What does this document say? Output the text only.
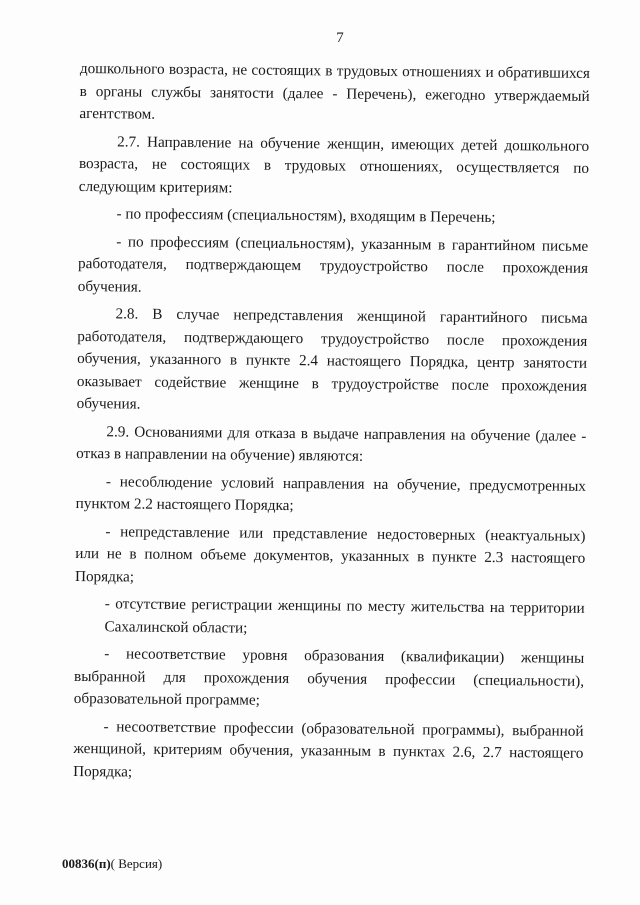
7

дошкольного возраста, не состоящих в трудовых отношениях и обратившихся
в органы службы занятости (далее - Перечень), ежегодно утверждаемый
агентством.

2.7. Направление на обучение женщин, имеющих детей дошкольного
возраста, не состоящих в трудовых отношениях, осуществляется по
следующим критериям:

- по профессиям (специальностям), входящим в Перечень;

- по профессиям (специальностям), указанным в гарантийном письме
работодателя, подтверждающем трудоустройство после прохождения
обучения.

2.8. В случае непредставления женщиной гарантийного письма
работодателя, подтверждающего трудоустройство после прохождения
обучения, указанного в пункте 2.4 настоящего Порядка, центр занятости
оказывает содействие женщине в трудоустройстве после прохождения
обучения.

2.9. Основаниями для отказа в выдаче направления на обучение (далее -
отказ в направлении на обучение) являются:

- несоблюдение условий направления на обучение, предусмотренных
пунктом 2.2 настоящего Порядка;

- непредставление или представление недостоверных (неактуальных)
или не в полном объеме документов, указанных в пункте 2.3 настоящего
Порядка;

- отсутствие регистрации женщины по месту жительства на территории
Сахалинской области;

- несоответствие уровня образования (квалификации) женщины
выбранной для прохождения обучения профессии (специальности),
образовательной программе;

- несоответствие профессии (образовательной программы), выбранной
женщиной, критериям обучения, указанным в пунктах 2.6, 2.7 настоящего
Порядка;

00836(п)( Версия)
